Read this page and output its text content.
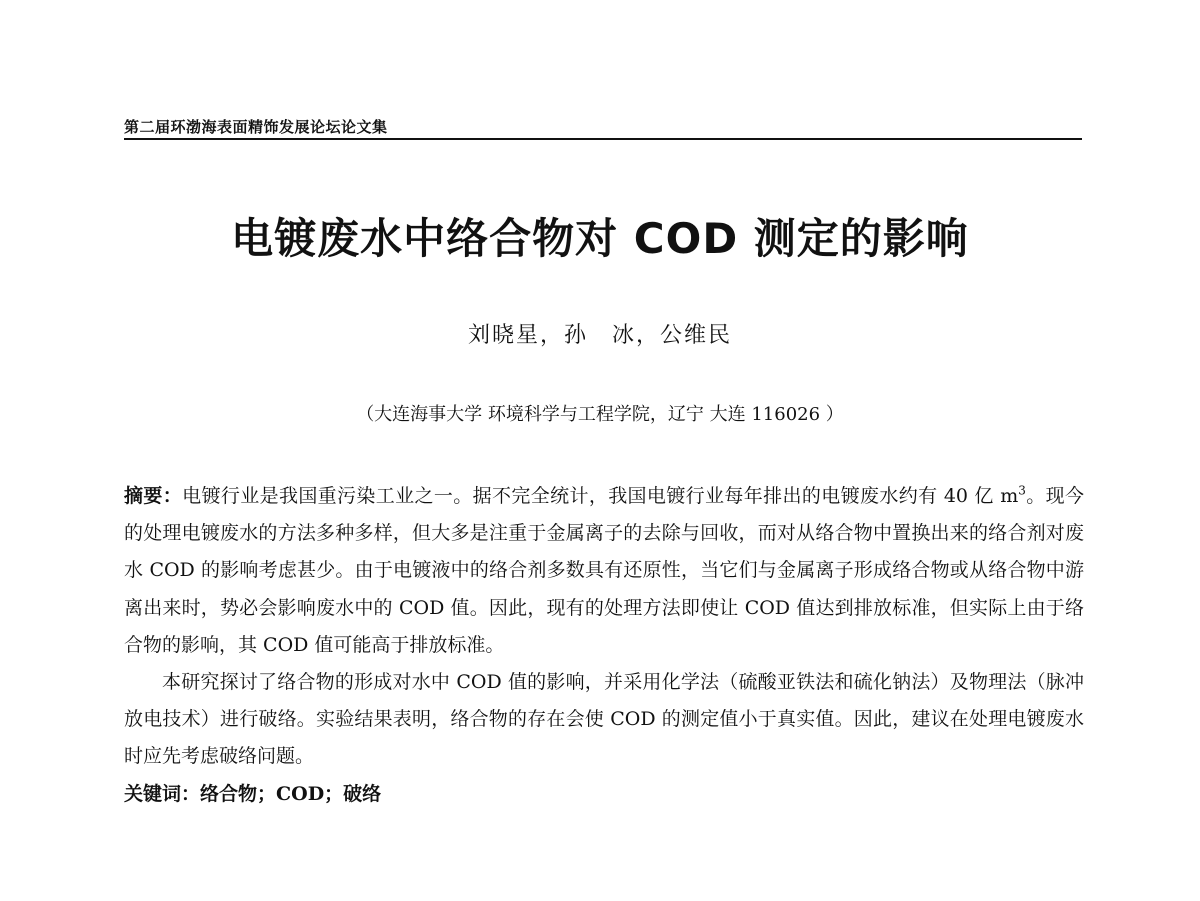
第二届环渤海表面精饰发展论坛论文集
电镀废水中络合物对 COD 测定的影响
刘晓星，孙　冰，公维民
（大连海事大学 环境科学与工程学院，辽宁 大连 116026 ）

摘要：电镀行业是我国重污染工业之一。据不完全统计，我国电镀行业每年排出的电镀废水约有 40 亿 $m^3$。现今的处理电镀废水的方法多种多样，但大多是注重于金属离子的去除与回收，而对从络合物中置换出来的络合剂对废水 COD 的影响考虑甚少。由于电镀液中的络合剂多数具有还原性，当它们与金属离子形成络合物或从络合物中游离出来时，势必会影响废水中的 COD 值。因此，现有的处理方法即使让 COD 值达到排放标准，但实际上由于络合物的影响，其 COD 值可能高于排放标准。

本研究探讨了络合物的形成对水中 COD 值的影响，并采用化学法（硫酸亚铁法和硫化钠法）及物理法（脉冲放电技术）进行破络。实验结果表明，络合物的存在会使 COD 的测定值小于真实值。因此，建议在处理电镀废水时应先考虑破络问题。

关键词：络合物；COD；破络
